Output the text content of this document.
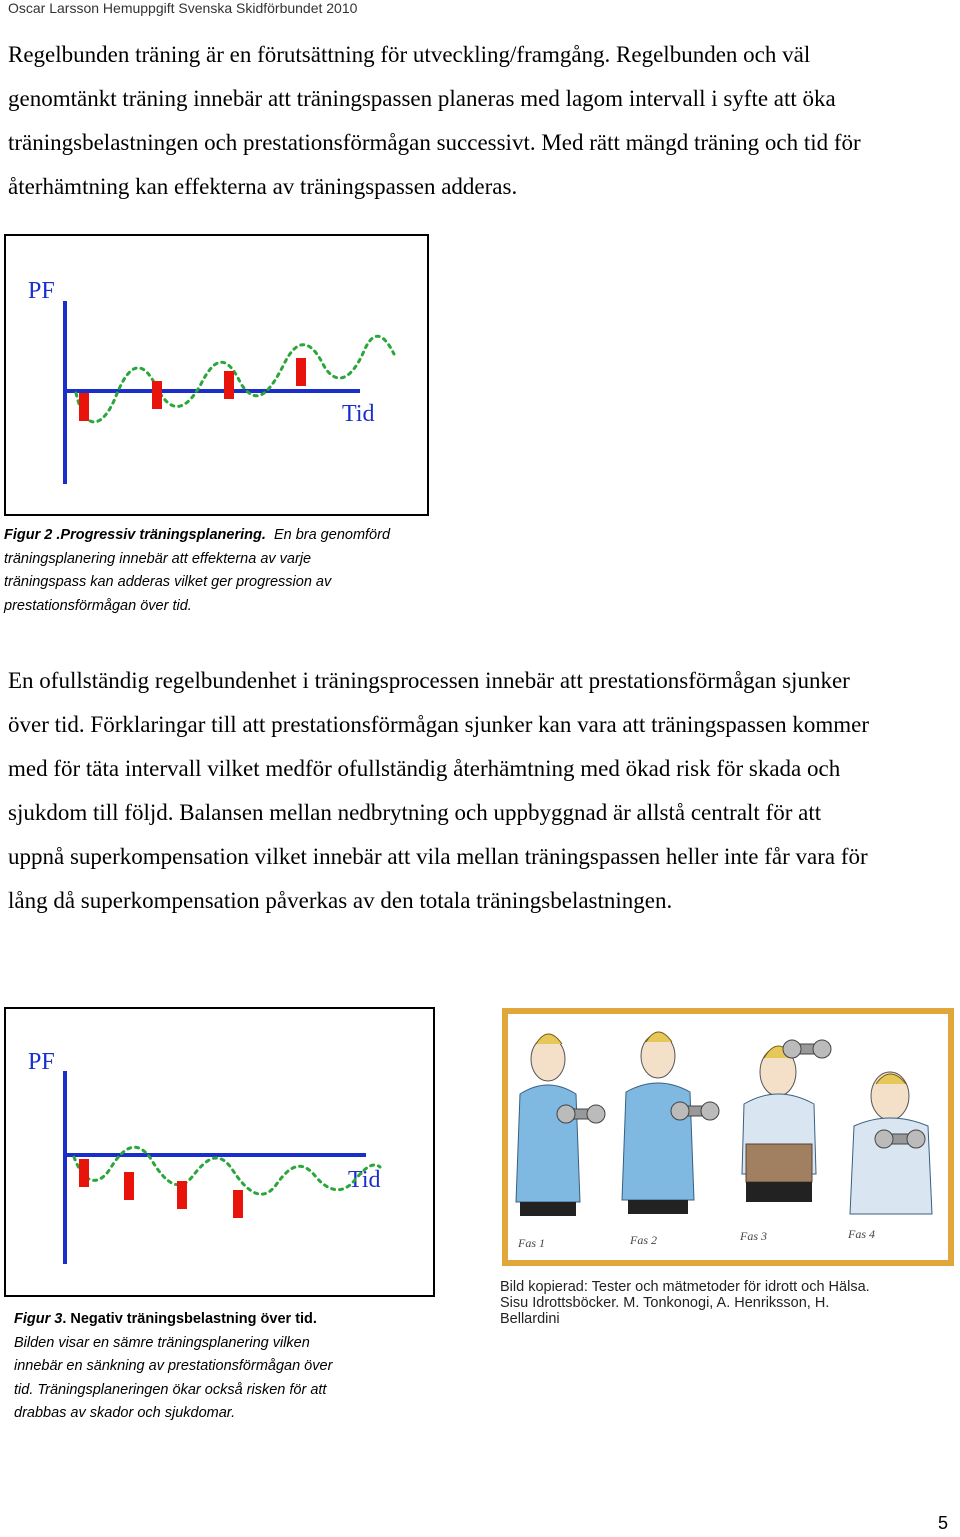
Oscar Larsson Hemuppgift Svenska Skidförbundet 2010
Regelbunden träning är en förutsättning för utveckling/framgång. Regelbunden och väl
genomtänkt träning innebär att träningspassen planeras med lagom intervall i syfte att öka
träningsbelastningen och prestationsförmågan successivt. Med rätt mängd träning och tid för
återhämtning kan effekterna av träningspassen adderas.
PF
Tid
Figur 2 .Progressiv träningsplanering. En bra genomförd
träningsplanering innebär att effekterna av varje
träningspass kan adderas vilket ger progression av
prestationsförmågan över tid.
En ofullständig regelbundenhet i träningsprocessen innebär att prestationsförmågan sjunker
över tid. Förklaringar till att prestationsförmågan sjunker kan vara att träningspassen kommer
med för täta intervall vilket medför ofullständig återhämtning med ökad risk för skada och
sjukdom till följd. Balansen mellan nedbrytning och uppbyggnad är allstå centralt för att
uppnå superkompensation vilket innebär att vila mellan träningspassen heller inte får vara för
lång då superkompensation påverkas av den totala träningsbelastningen.
PF
Tid
Figur 3. Negativ träningsbelastning över tid.
Bilden visar en sämre träningsplanering vilken
innebär en sänkning av prestationsförmågan över
tid. Träningsplaneringen ökar också risken för att
drabbas av skador och sjukdomar.
Fas 1	Fas 2	Fas 3	Fas 4
Bild kopierad: Tester och mätmetoder för idrott och Hälsa.
Sisu Idrottsböcker. M. Tonkonogi, A. Henriksson, H.
Bellardini
5
